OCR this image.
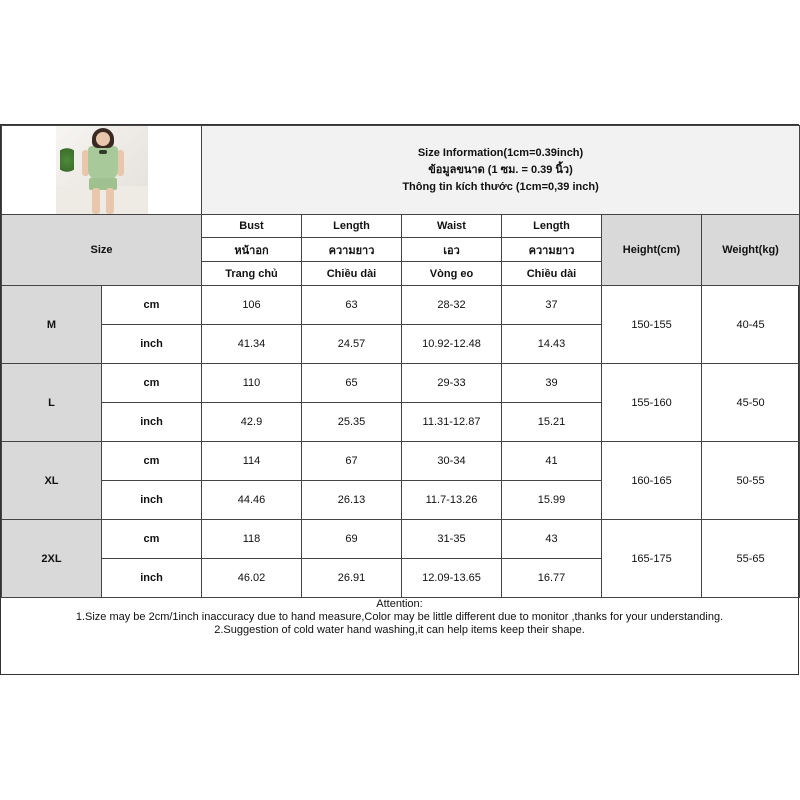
		Size Information(1cm=0.39inch)
ข้อมูลขนาด (1 ซม. = 0.39 นิ้ว)
Thông tin kích thước (1cm=0,39 inch)					

Size		Bust	Length	Waist	Length	Height(cm)	Weight(kg)
		หน้าอก	ความยาว	เอว	ความยาว		
		Trang chủ	Chiều dài	Vòng eo	Chiều dài		
M	cm	106	63	28-32	37	150-155	40-45
	inch	41.34	24.57	10.92-12.48	14.43		
L	cm	110	65	29-33	39	155-160	45-50
	inch	42.9	25.35	11.31-12.87	15.21		
XL	cm	114	67	30-34	41	160-165	50-55
	inch	44.46	26.13	11.7-13.26	15.99		
2XL	cm	118	69	31-35	43	165-175	55-65
	inch	46.02	26.91	12.09-13.65	16.77		
Attention:
1.Size may be 2cm/1inch inaccuracy due to hand measure,Color may be little different due to monitor ,thanks for your understanding.
2.Suggestion of cold water hand washing,it can help items keep their shape.
